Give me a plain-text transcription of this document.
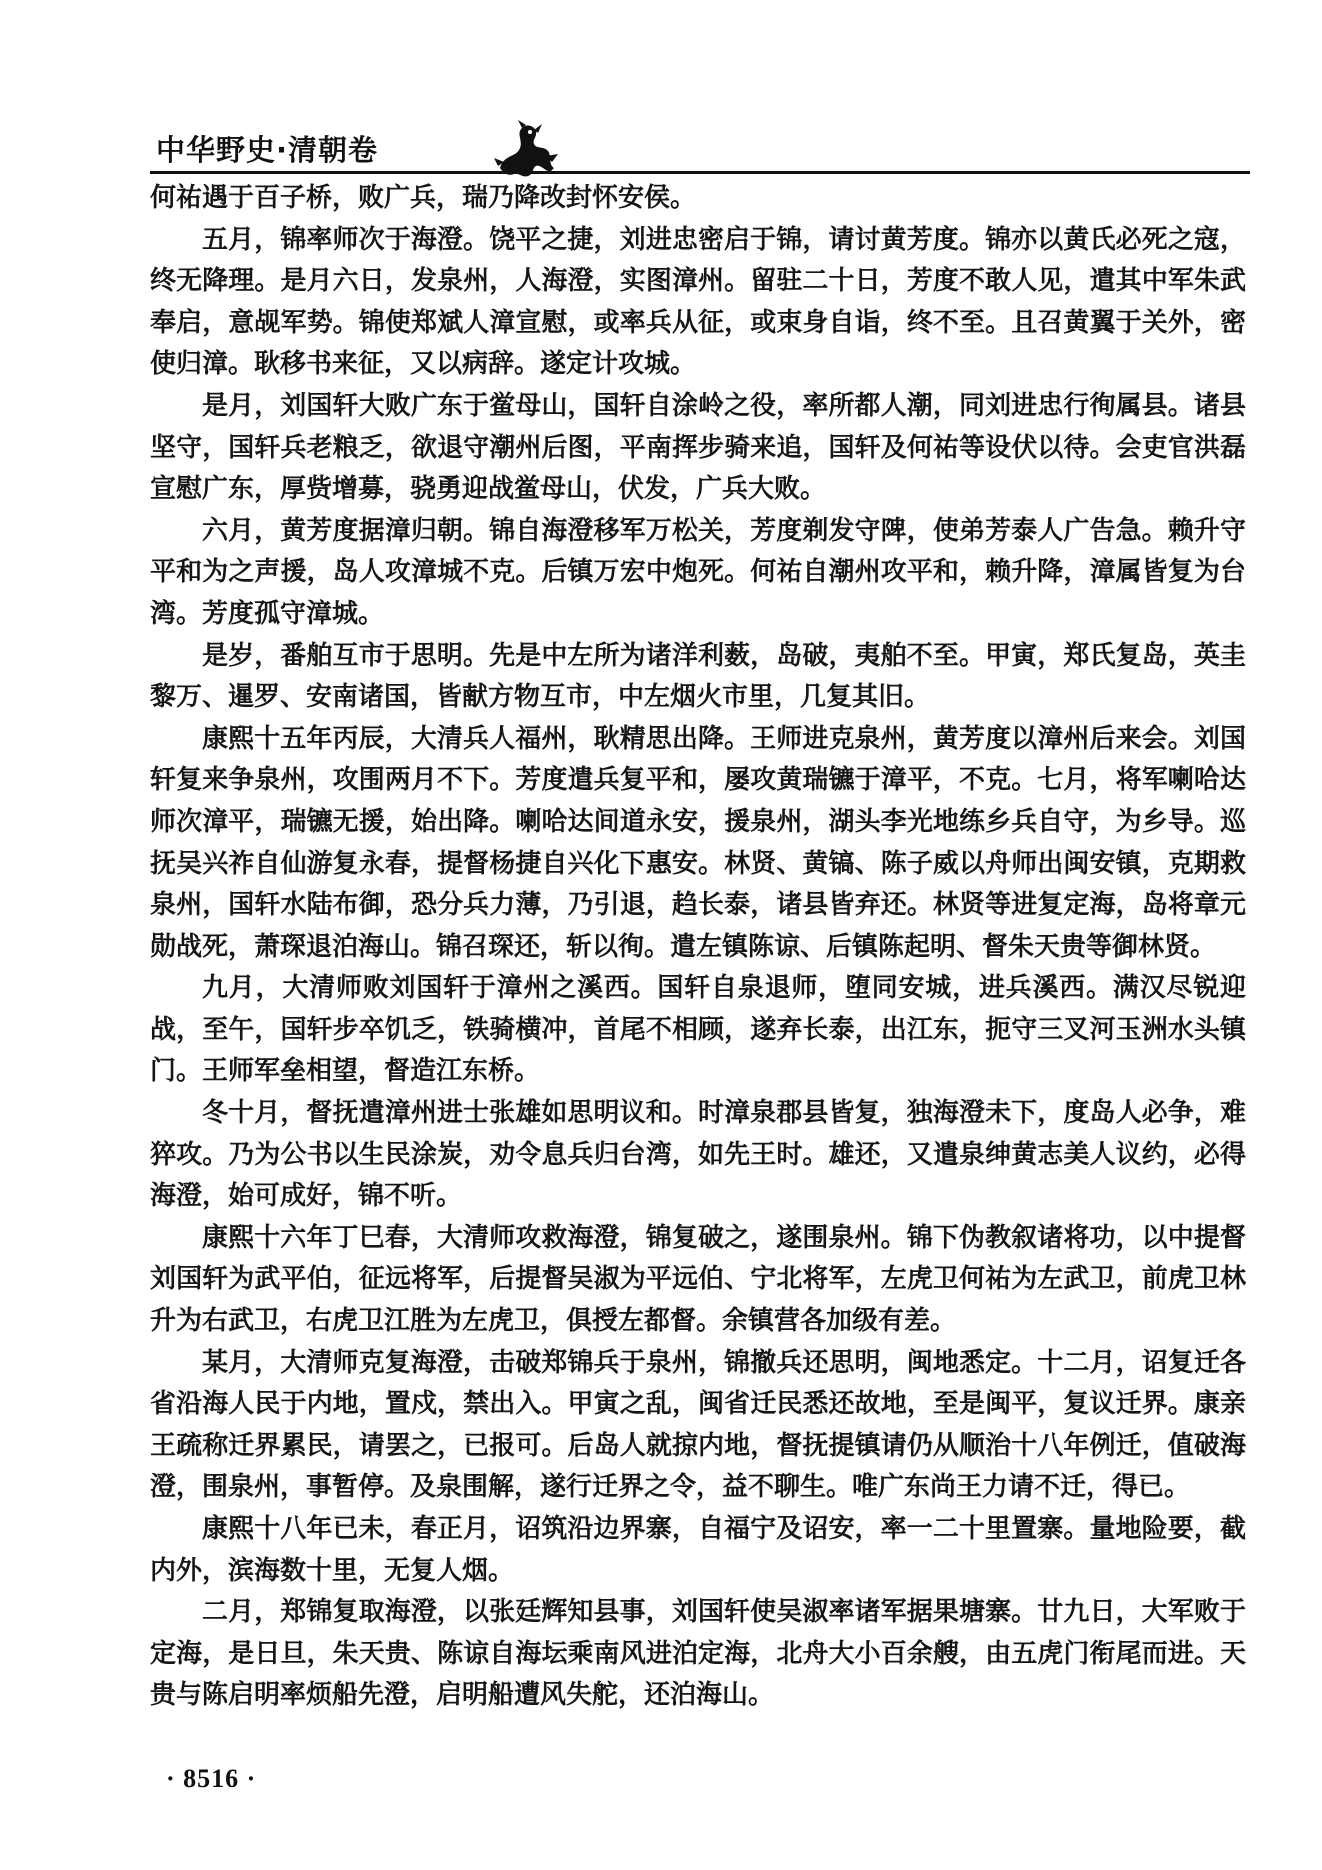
中华野史·清朝卷

何祐遇于百子桥，败广兵，瑞乃降改封怀安侯。

五月，锦率师次于海澄。饶平之捷，刘进忠密启于锦，请讨黄芳度。锦亦以黄氏必死之寇，终无降理。是月六日，发泉州，人海澄，实图漳州。留驻二十日，芳度不敢人见，遣其中军朱武奉启，意觇军势。锦使郑斌人漳宣慰，或率兵从征，或束身自诣，终不至。且召黄翼于关外，密使归漳。耿移书来征，又以病辞。遂定计攻城。

是月，刘国轩大败广东于鲎母山，国轩自涂岭之役，率所都人潮，同刘进忠行徇属县。诸县坚守，国轩兵老粮乏，欲退守潮州后图，平南挥步骑来追，国轩及何祐等设伏以待。会吏官洪磊宣慰广东，厚赀增募，骁勇迎战鲎母山，伏发，广兵大败。

六月，黄芳度据漳归朝。锦自海澄移军万松关，芳度剃发守陴，使弟芳泰人广告急。赖升守平和为之声援，岛人攻漳城不克。后镇万宏中炮死。何祐自潮州攻平和，赖升降，漳属皆复为台湾。芳度孤守漳城。

是岁，番舶互市于思明。先是中左所为诸洋利薮，岛破，夷舶不至。甲寅，郑氏复岛，英圭黎万、暹罗、安南诸国，皆献方物互市，中左烟火市里，几复其旧。

康熙十五年丙辰，大清兵人福州，耿精思出降。王师进克泉州，黄芳度以漳州后来会。刘国轩复来争泉州，攻围两月不下。芳度遣兵复平和，屡攻黄瑞镳于漳平，不克。七月，将军喇哈达师次漳平，瑞镳无援，始出降。喇哈达间道永安，援泉州，湖头李光地练乡兵自守，为乡导。巡抚吴兴祚自仙游复永春，提督杨捷自兴化下惠安。林贤、黄镐、陈子威以舟师出闽安镇，克期救泉州，国轩水陆布御，恐分兵力薄，乃引退，趋长泰，诸县皆弃还。林贤等进复定海，岛将章元勋战死，萧琛退泊海山。锦召琛还，斩以徇。遣左镇陈谅、后镇陈起明、督朱天贵等御林贤。

九月，大清师败刘国轩于漳州之溪西。国轩自泉退师，堕同安城，进兵溪西。满汉尽锐迎战，至午，国轩步卒饥乏，铁骑横冲，首尾不相顾，遂弃长泰，出江东，扼守三叉河玉洲水头镇门。王师军垒相望，督造江东桥。

冬十月，督抚遣漳州进士张雄如思明议和。时漳泉郡县皆复，独海澄未下，度岛人必争，难猝攻。乃为公书以生民涂炭，劝令息兵归台湾，如先王时。雄还，又遣泉绅黄志美人议约，必得海澄，始可成好，锦不听。

康熙十六年丁巳春，大清师攻救海澄，锦复破之，遂围泉州。锦下伪教叙诸将功，以中提督刘国轩为武平伯，征远将军，后提督吴淑为平远伯、宁北将军，左虎卫何祐为左武卫，前虎卫林升为右武卫，右虎卫江胜为左虎卫，俱授左都督。余镇营各加级有差。

某月，大清师克复海澄，击破郑锦兵于泉州，锦撤兵还思明，闽地悉定。十二月，诏复迁各省沿海人民于内地，置戍，禁出入。甲寅之乱，闽省迁民悉还故地，至是闽平，复议迁界。康亲王疏称迁界累民，请罢之，已报可。后岛人就掠内地，督抚提镇请仍从顺治十八年例迁，值破海澄，围泉州，事暂停。及泉围解，遂行迁界之令，益不聊生。唯广东尚王力请不迁，得已。

康熙十八年已未，春正月，诏筑沿边界寨，自福宁及诏安，率一二十里置寨。量地险要，截内外，滨海数十里，无复人烟。

二月，郑锦复取海澄，以张廷辉知县事，刘国轩使吴淑率诸军据果塘寨。廿九日，大军败于定海，是日旦，朱天贵、陈谅自海坛乘南风进泊定海，北舟大小百余艘，由五虎门衔尾而进。天贵与陈启明率烦船先澄，启明船遭风失舵，还泊海山。

· 8516 ·
